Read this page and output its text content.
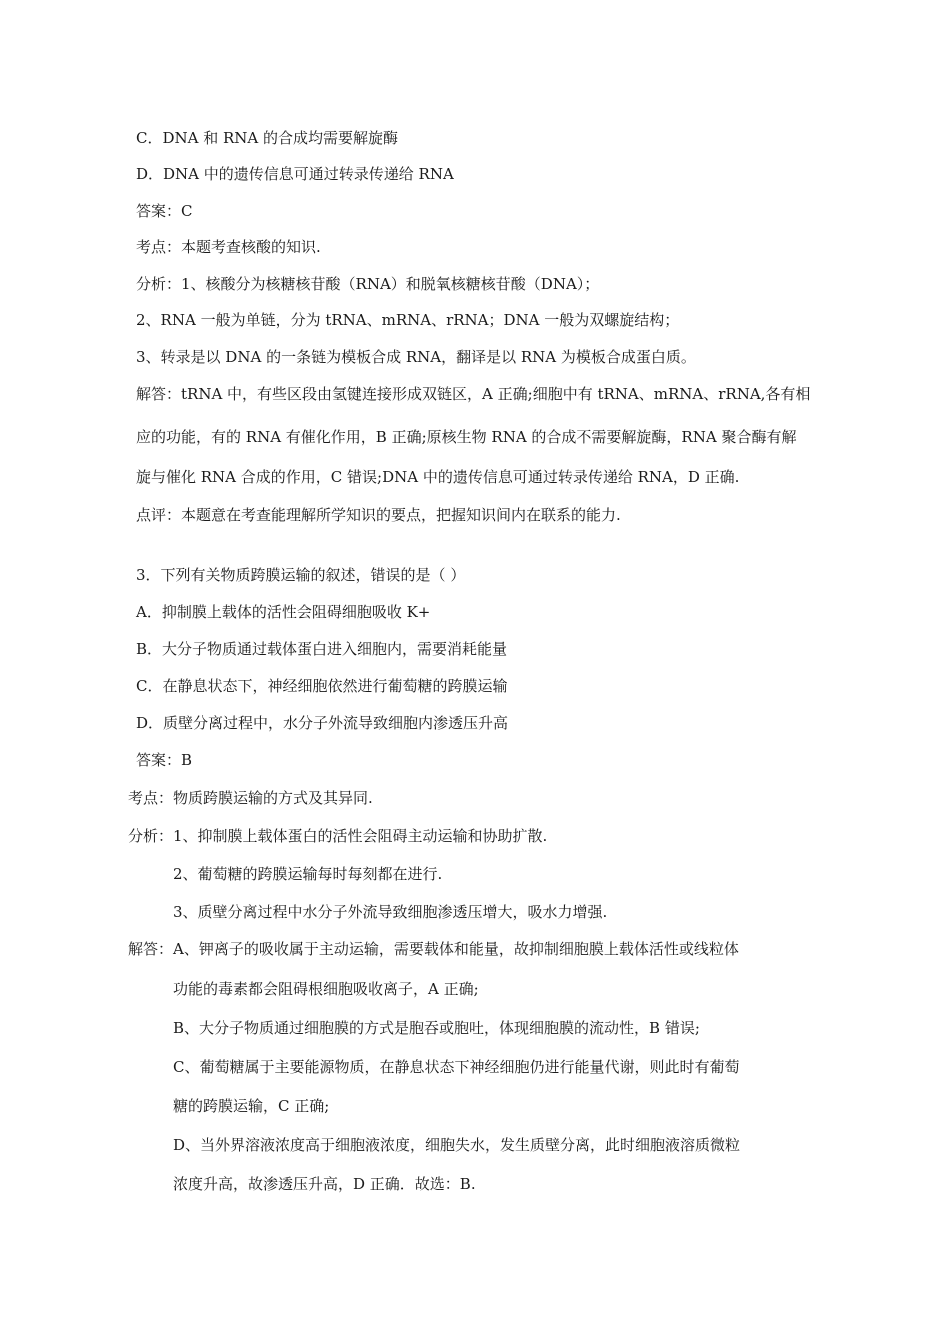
C．DNA 和 RNA 的合成均需要解旋酶
D．DNA 中的遗传信息可通过转录传递给 RNA
答案：C
考点：本题考查核酸的知识.
分析：1、核酸分为核糖核苷酸（RNA）和脱氧核糖核苷酸（DNA）；
2、RNA 一般为单链，分为 tRNA、mRNA、rRNA；DNA 一般为双螺旋结构；
3、转录是以 DNA 的一条链为模板合成 RNA，翻译是以 RNA 为模板合成蛋白质。
解答：tRNA 中，有些区段由氢键连接形成双链区，A 正确;细胞中有 tRNA、mRNA、rRNA,各有相
应的功能，有的 RNA 有催化作用，B 正确;原核生物 RNA 的合成不需要解旋酶，RNA 聚合酶有解
旋与催化 RNA 合成的作用，C 错误;DNA 中的遗传信息可通过转录传递给 RNA，D 正确.
点评：本题意在考查能理解所学知识的要点，把握知识间内在联系的能力.
3．下列有关物质跨膜运输的叙述，错误的是（ ）
A．抑制膜上载体的活性会阻碍细胞吸收 K+
B．大分子物质通过载体蛋白进入细胞内，需要消耗能量
C．在静息状态下，神经细胞依然进行葡萄糖的跨膜运输
D．质壁分离过程中，水分子外流导致细胞内渗透压升高
答案：B
考点：物质跨膜运输的方式及其异同.
分析：1、抑制膜上载体蛋白的活性会阻碍主动运输和协助扩散.
2、葡萄糖的跨膜运输每时每刻都在进行.
3、质壁分离过程中水分子外流导致细胞渗透压增大，吸水力增强.
解答：A、钾离子的吸收属于主动运输，需要载体和能量，故抑制细胞膜上载体活性或线粒体
功能的毒素都会阻碍根细胞吸收离子，A 正确;
B、大分子物质通过细胞膜的方式是胞吞或胞吐，体现细胞膜的流动性，B 错误;
C、葡萄糖属于主要能源物质，在静息状态下神经细胞仍进行能量代谢，则此时有葡萄
糖的跨膜运输，C 正确;
D、当外界溶液浓度高于细胞液浓度，细胞失水，发生质壁分离，此时细胞液溶质微粒
浓度升高，故渗透压升高，D 正确．故选：B.
